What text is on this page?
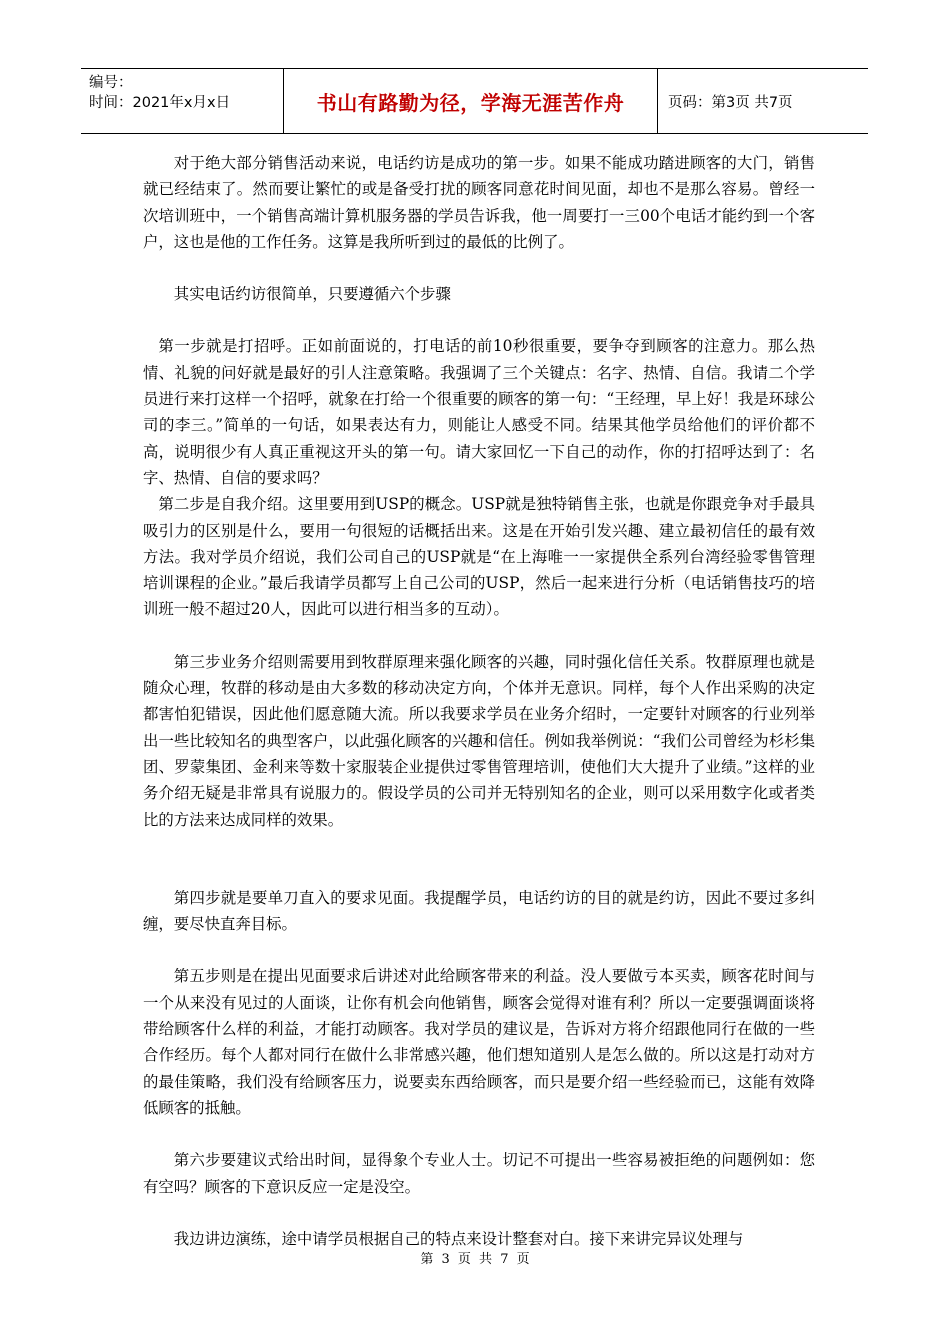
编号：
时间：2021年x月x日	书山有路勤为径，学海无涯苦作舟	页码：第3页 共7页

对于绝大部分销售活动来说，电话约访是成功的第一步。如果不能成功踏进顾客的大门，销售就已经结束了。然而要让繁忙的或是备受打扰的顾客同意花时间见面，却也不是那么容易。曾经一次培训班中，一个销售高端计算机服务器的学员告诉我，他一周要打一三00个电话才能约到一个客户，这也是他的工作任务。这算是我所听到过的最低的比例了。

其实电话约访很简单，只要遵循六个步骤

第一步就是打招呼。正如前面说的，打电话的前10秒很重要，要争夺到顾客的注意力。那么热情、礼貌的问好就是最好的引人注意策略。我强调了三个关键点：名字、热情、自信。我请二个学员进行来打这样一个招呼，就象在打给一个很重要的顾客的第一句：“王经理，早上好！我是环球公司的李三。”简单的一句话，如果表达有力，则能让人感受不同。结果其他学员给他们的评价都不高，说明很少有人真正重视这开头的第一句。请大家回忆一下自己的动作，你的打招呼达到了：名字、热情、自信的要求吗？

第二步是自我介绍。这里要用到USP的概念。USP就是独特销售主张，也就是你跟竞争对手最具吸引力的区别是什么，要用一句很短的话概括出来。这是在开始引发兴趣、建立最初信任的最有效方法。我对学员介绍说，我们公司自己的USP就是“在上海唯一一家提供全系列台湾经验零售管理培训课程的企业。”最后我请学员都写上自己公司的USP，然后一起来进行分析（电话销售技巧的培训班一般不超过20人，因此可以进行相当多的互动）。

第三步业务介绍则需要用到牧群原理来强化顾客的兴趣，同时强化信任关系。牧群原理也就是随众心理，牧群的移动是由大多数的移动决定方向，个体并无意识。同样，每个人作出采购的决定都害怕犯错误，因此他们愿意随大流。所以我要求学员在业务介绍时，一定要针对顾客的行业列举出一些比较知名的典型客户，以此强化顾客的兴趣和信任。例如我举例说：“我们公司曾经为杉杉集团、罗蒙集团、金利来等数十家服装企业提供过零售管理培训，使他们大大提升了业绩。”这样的业务介绍无疑是非常具有说服力的。假设学员的公司并无特别知名的企业，则可以采用数字化或者类比的方法来达成同样的效果。

第四步就是要单刀直入的要求见面。我提醒学员，电话约访的目的就是约访，因此不要过多纠缠，要尽快直奔目标。

第五步则是在提出见面要求后讲述对此给顾客带来的利益。没人要做亏本买卖，顾客花时间与一个从来没有见过的人面谈，让你有机会向他销售，顾客会觉得对谁有利？所以一定要强调面谈将带给顾客什么样的利益，才能打动顾客。我对学员的建议是，告诉对方将介绍跟他同行在做的一些合作经历。每个人都对同行在做什么非常感兴趣，他们想知道别人是怎么做的。所以这是打动对方的最佳策略，我们没有给顾客压力，说要卖东西给顾客，而只是要介绍一些经验而已，这能有效降低顾客的抵触。

第六步要建议式给出时间，显得象个专业人士。切记不可提出一些容易被拒绝的问题例如：您有空吗？顾客的下意识反应一定是没空。

我边讲边演练，途中请学员根据自己的特点来设计整套对白。接下来讲完异议处理与

第 3 页 共 7 页
